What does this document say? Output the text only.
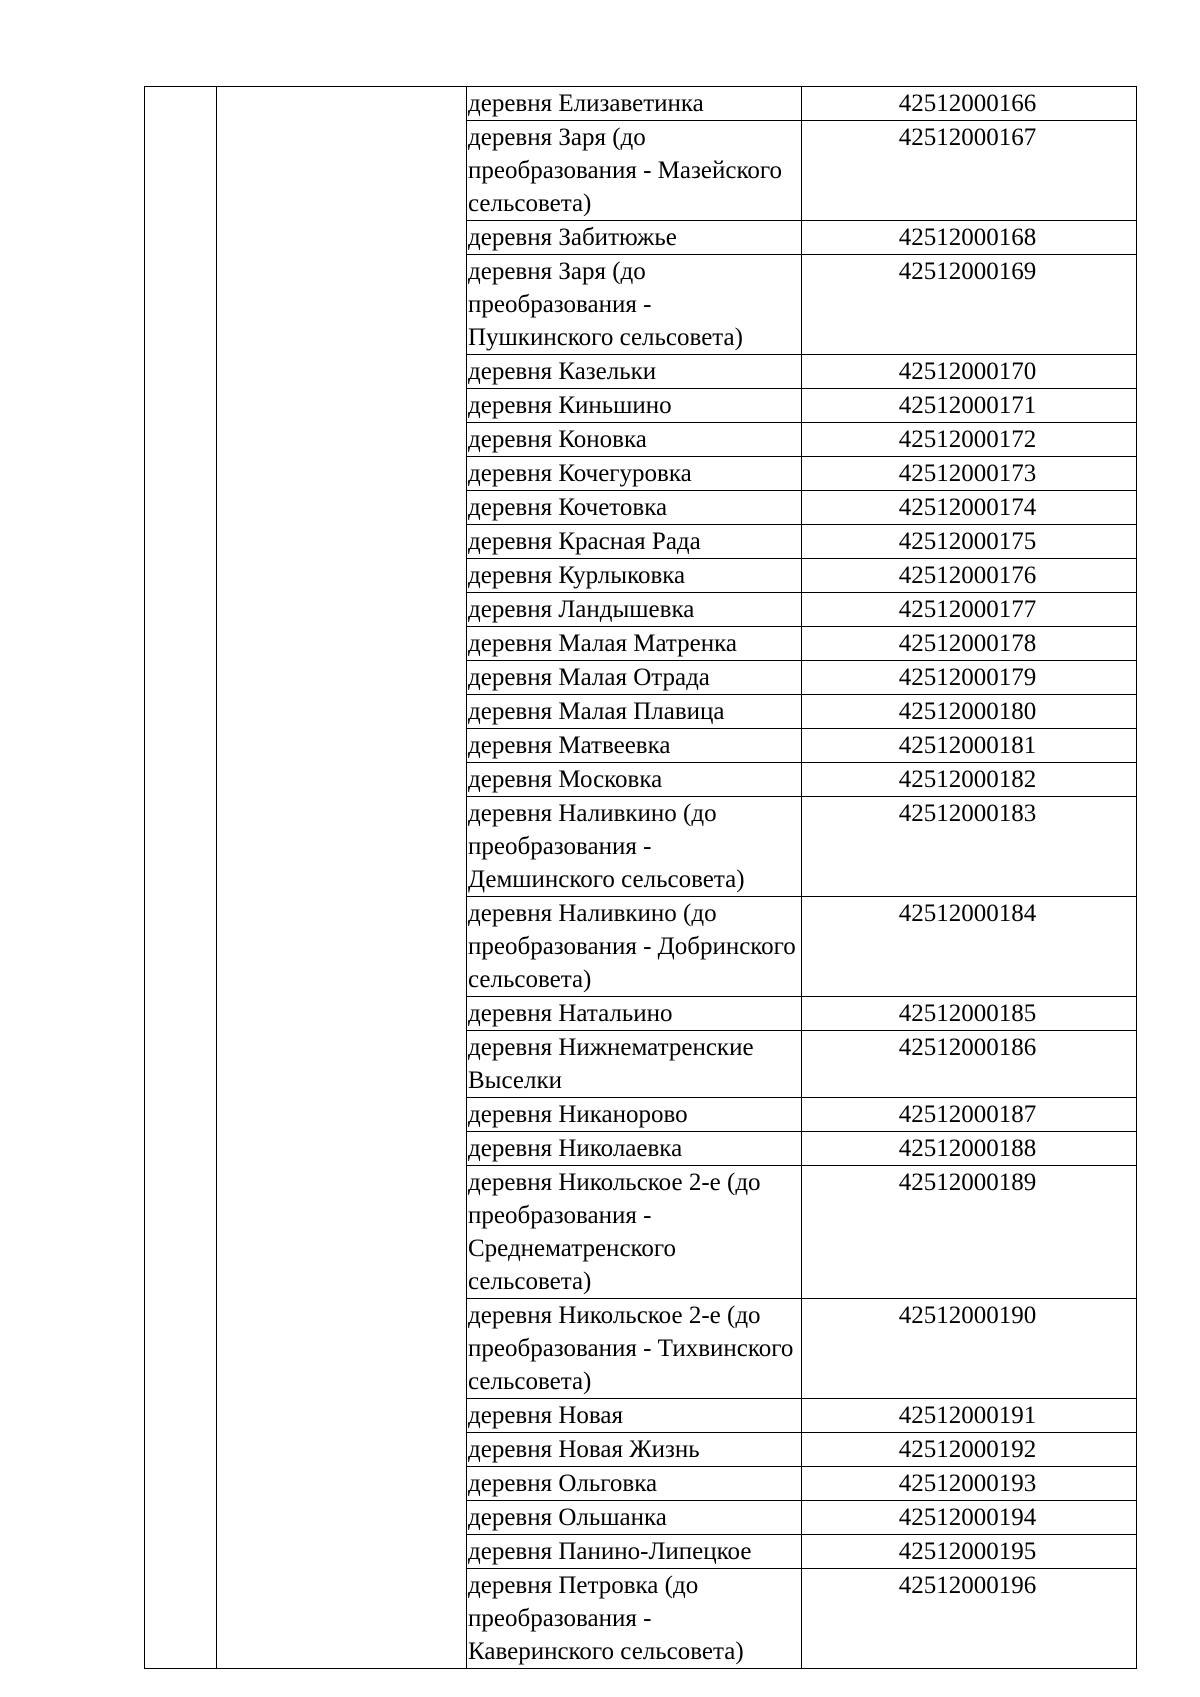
		деревня Елизаветинка	42512000166
		деревня Заря (до преобразования - Мазейского сельсовета)	42512000167
		деревня Забитюжье	42512000168
		деревня Заря (до преобразования - Пушкинского сельсовета)	42512000169
		деревня Казельки	42512000170
		деревня Киньшино	42512000171
		деревня Коновка	42512000172
		деревня Кочегуровка	42512000173
		деревня Кочетовка	42512000174
		деревня Красная Рада	42512000175
		деревня Курлыковка	42512000176
		деревня Ландышевка	42512000177
		деревня Малая Матренка	42512000178
		деревня Малая Отрада	42512000179
		деревня Малая Плавица	42512000180
		деревня Матвеевка	42512000181
		деревня Московка	42512000182
		деревня Наливкино (до преобразования - Демшинского сельсовета)	42512000183
		деревня Наливкино (до преобразования - Добринского сельсовета)	42512000184
		деревня Натальино	42512000185
		деревня Нижнематренские Выселки	42512000186
		деревня Никанорово	42512000187
		деревня Николаевка	42512000188
		деревня Никольское 2-е (до преобразования - Среднематренского сельсовета)	42512000189
		деревня Никольское 2-е (до преобразования - Тихвинского сельсовета)	42512000190
		деревня Новая	42512000191
		деревня Новая Жизнь	42512000192
		деревня Ольговка	42512000193
		деревня Ольшанка	42512000194
		деревня Панино-Липецкое	42512000195
		деревня Петровка (до преобразования - Каверинского сельсовета)	42512000196
